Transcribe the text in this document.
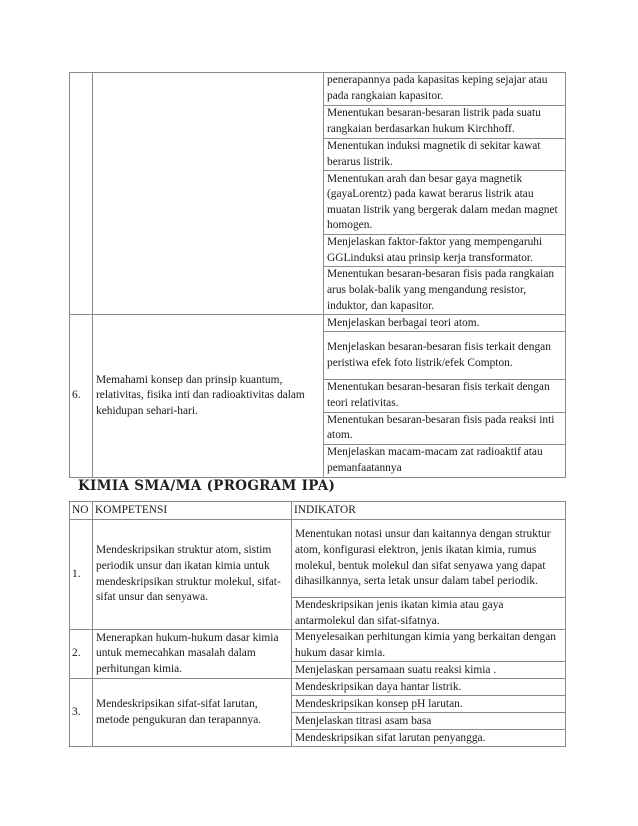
		penerapannya pada kapasitas keping sejajar atau pada rangkaian kapasitor.
		Menentukan besaran-besaran listrik pada suatu rangkaian berdasarkan hukum Kirchhoff.
		Menentukan induksi magnetik di sekitar kawat berarus listrik.
		Menentukan arah dan besar gaya magnetik (gayaLorentz) pada kawat berarus listrik atau muatan listrik yang bergerak dalam medan magnet homogen.
		Menjelaskan faktor-faktor yang mempengaruhi GGLinduksi atau prinsip kerja transformator.
		Menentukan besaran-besaran fisis pada rangkaian arus bolak-balik yang mengandung resistor, induktor, dan kapasitor.
6.	Memahami konsep dan prinsip kuantum, relativitas, fisika inti dan radioaktivitas dalam kehidupan sehari-hari.	Menjelaskan berbagai teori atom.
		Menjelaskan besaran-besaran fisis terkait dengan peristiwa efek foto listrik/efek Compton.
		Menentukan besaran-besaran fisis terkait dengan teori relativitas.
		Menentukan besaran-besaran fisis pada reaksi inti atom.
		Menjelaskan macam-macam zat radioaktif atau pemanfaatannya
KIMIA SMA/MA (PROGRAM IPA)
NO	KOMPETENSI	INDIKATOR
1.	Mendeskripsikan struktur atom, sistim periodik unsur dan ikatan kimia untuk mendeskripsikan struktur molekul, sifat-sifat unsur dan senyawa.	Menentukan notasi unsur dan kaitannya dengan struktur atom, konfigurasi elektron, jenis ikatan kimia, rumus molekul, bentuk molekul dan sifat senyawa yang dapat dihasilkannya, serta letak unsur dalam tabel periodik.
		Mendeskripsikan jenis ikatan kimia atau gaya antarmolekul dan sifat-sifatnya.
2.	Menerapkan hukum-hukum dasar kimia untuk memecahkan masalah dalam perhitungan kimia.	Menyelesaikan perhitungan kimia yang berkaitan dengan hukum dasar kimia.
		Menjelaskan persamaan suatu reaksi kimia .
3.	Mendeskripsikan sifat-sifat larutan, metode pengukuran dan terapannya.	Mendeskripsikan daya hantar listrik.
		Mendeskripsikan konsep pH larutan.
		Menjelaskan titrasi asam basa
		Mendeskripsikan sifat larutan penyangga.
